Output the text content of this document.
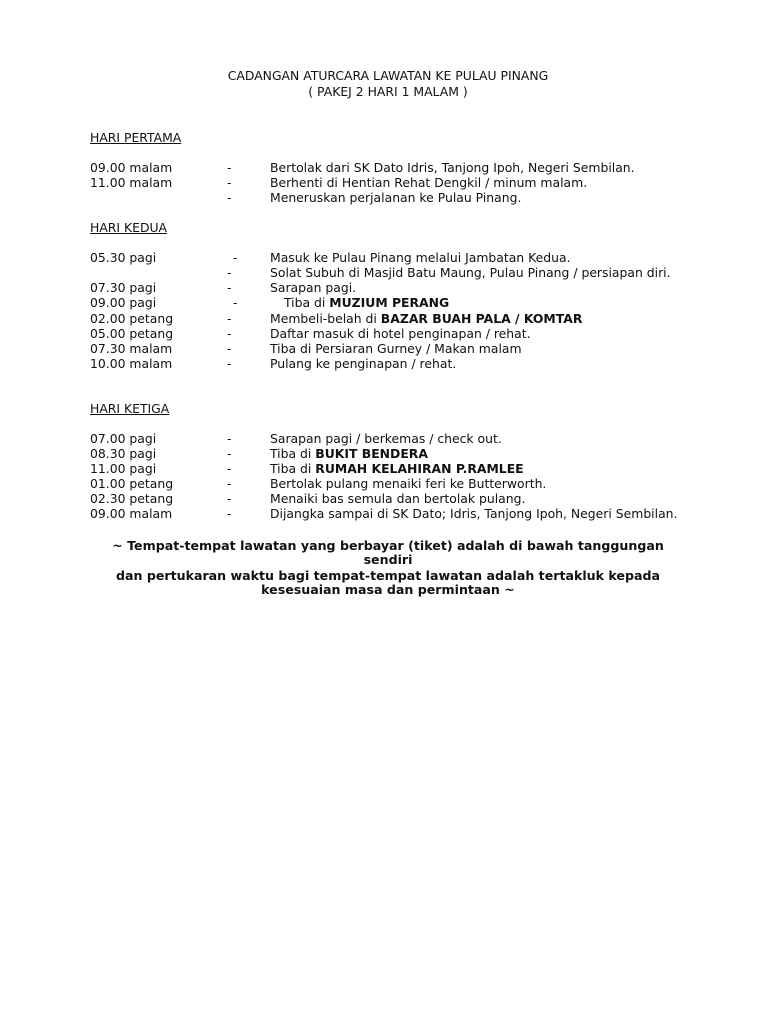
CADANGAN ATURCARA LAWATAN KE PULAU PINANG
( PAKEJ 2 HARI 1 MALAM )
HARI PERTAMA
09.00 malam	-	Bertolak dari SK Dato Idris, Tanjong Ipoh, Negeri Sembilan.
11.00 malam	-	Berhenti di Hentian Rehat Dengkil / minum malam.
-	Meneruskan perjalanan ke Pulau Pinang.
HARI KEDUA
05.30 pagi	-	Masuk ke Pulau Pinang melalui Jambatan Kedua.
-	Solat Subuh di Masjid Batu Maung, Pulau Pinang / persiapan diri.
07.30 pagi	-	Sarapan pagi.
09.00 pagi	-	Tiba di MUZIUM PERANG
02.00 petang	-	Membeli-belah di BAZAR BUAH PALA / KOMTAR
05.00 petang	-	Daftar masuk di hotel penginapan / rehat.
07.30 malam	-	Tiba di Persiaran Gurney / Makan malam
10.00 malam	-	Pulang ke penginapan / rehat.
HARI KETIGA
07.00 pagi	-	Sarapan pagi / berkemas / check out.
08.30 pagi	-	Tiba di BUKIT BENDERA
11.00 pagi	-	Tiba di RUMAH KELAHIRAN P.RAMLEE
01.00 petang	-	Bertolak pulang menaiki feri ke Butterworth.
02.30 petang	-	Menaiki bas semula dan bertolak pulang.
09.00 malam	-	Dijangka sampai di SK Dato; Idris, Tanjong Ipoh, Negeri Sembilan.
~ Tempat-tempat lawatan yang berbayar (tiket) adalah di bawah tanggungan
sendiri
dan pertukaran waktu bagi tempat-tempat lawatan adalah tertakluk kepada
kesesuaian masa dan permintaan ~
